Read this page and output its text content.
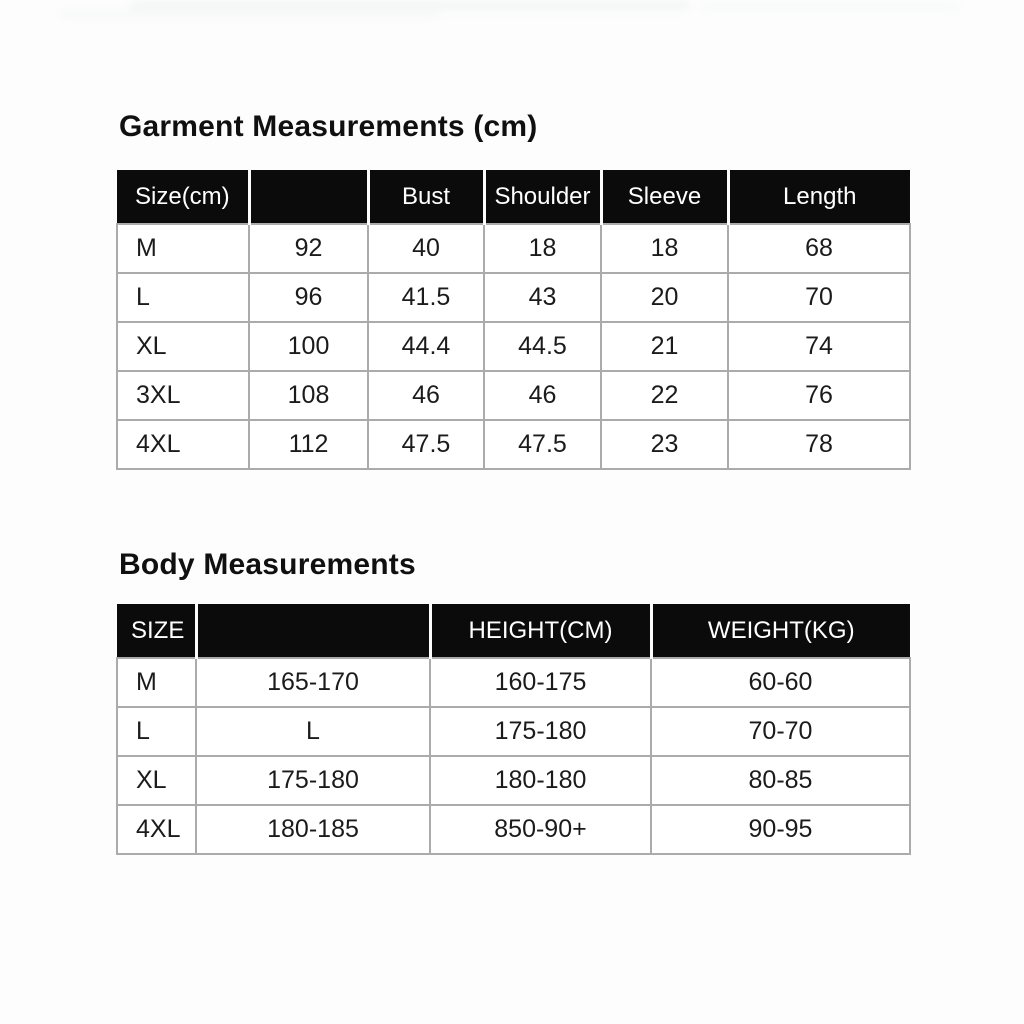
Garment Measurements (cm)
Size(cm)		Bust	Shoulder	Sleeve	Length
M	92	40	18	18	68
L	96	41.5	43	20	70
XL	100	44.4	44.5	21	74
3XL	108	46	46	22	76
4XL	112	47.5	47.5	23	78
Body Measurements
SIZE		HEIGHT(CM)	WEIGHT(KG)
M	165-170	160-175	60-60
L	L	175-180	70-70
XL	175-180	180-180	80-85
4XL	180-185	850-90+	90-95
